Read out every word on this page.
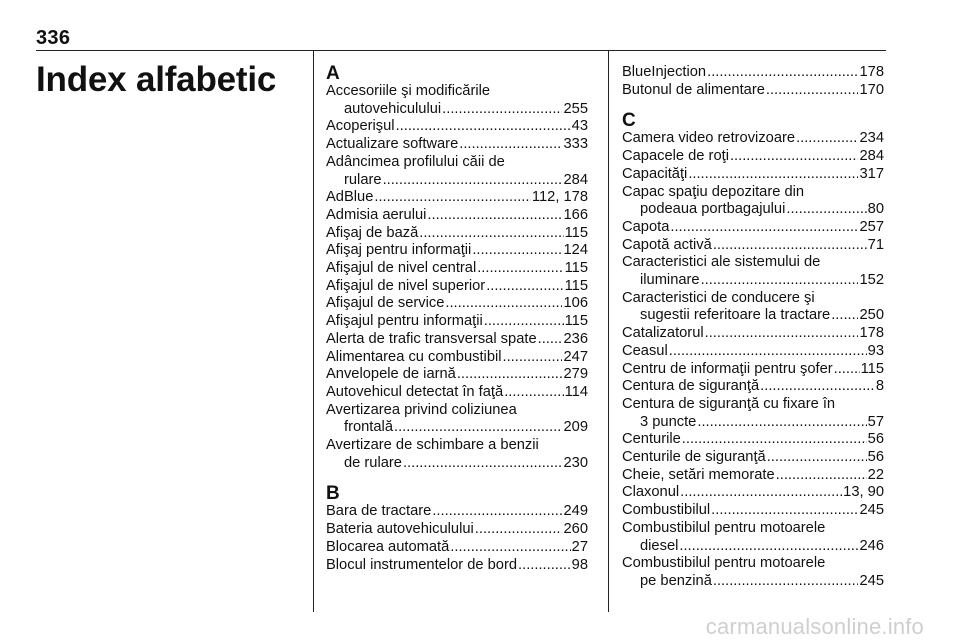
336
Index alfabetic	A
Accesoriile şi modificările
autovehiculului .....	255
Acoperişul .....	43
Actualizare software .....	333
Adâncimea profilului căii de
rulare .....	284
AdBlue .....	112, 178
Admisia aerului .....	166
Afişaj de bază .....	115
Afişaj pentru informaţii .....	124
Afişajul de nivel central .....	115
Afişajul de nivel superior .....	115
Afişajul de service .....	106
Afişajul pentru informaţii .....	115
Alerta de trafic transversal spate ..... 236
Alimentarea cu combustibil .....	247
Anvelopele de iarnă .....	279
Autovehicul detectat în faţă .....	114
Avertizarea privind coliziunea
frontală .....	209
Avertizare de schimbare a benzii
de rulare .....	230
B
Bara de tractare .....	249
Bateria autovehiculului .....	260
Blocarea automată .....	27
Blocul instrumentelor de bord .....	98
BlueInjection .....	178
Butonul de alimentare .....	170
C
Camera video retrovizoare .....	234
Capacele de roţi .....	284
Capacităţi .....	317
Capac spaţiu depozitare din
podeaua portbagajului .....	80
Capota .....	257
Capotă activă .....	71
Caracteristici ale sistemului de
iluminare .....	152
Caracteristici de conducere şi
sugestii referitoare la tractare ..... 250
Catalizatorul .....	178
Ceasul .....	93
Centru de informaţii pentru şofer ..... 115
Centura de siguranţă .....	8
Centura de siguranţă cu fixare în
3 puncte .....	57
Centurile .....	56
Centurile de siguranţă .....	56
Cheie, setări memorate .....	22
Claxonul .....	13, 90
Combustibilul .....	245
Combustibilul pentru motoarele
diesel .....	246
Combustibilul pentru motoarele
pe benzină .....	245
carmanualsonline.info
